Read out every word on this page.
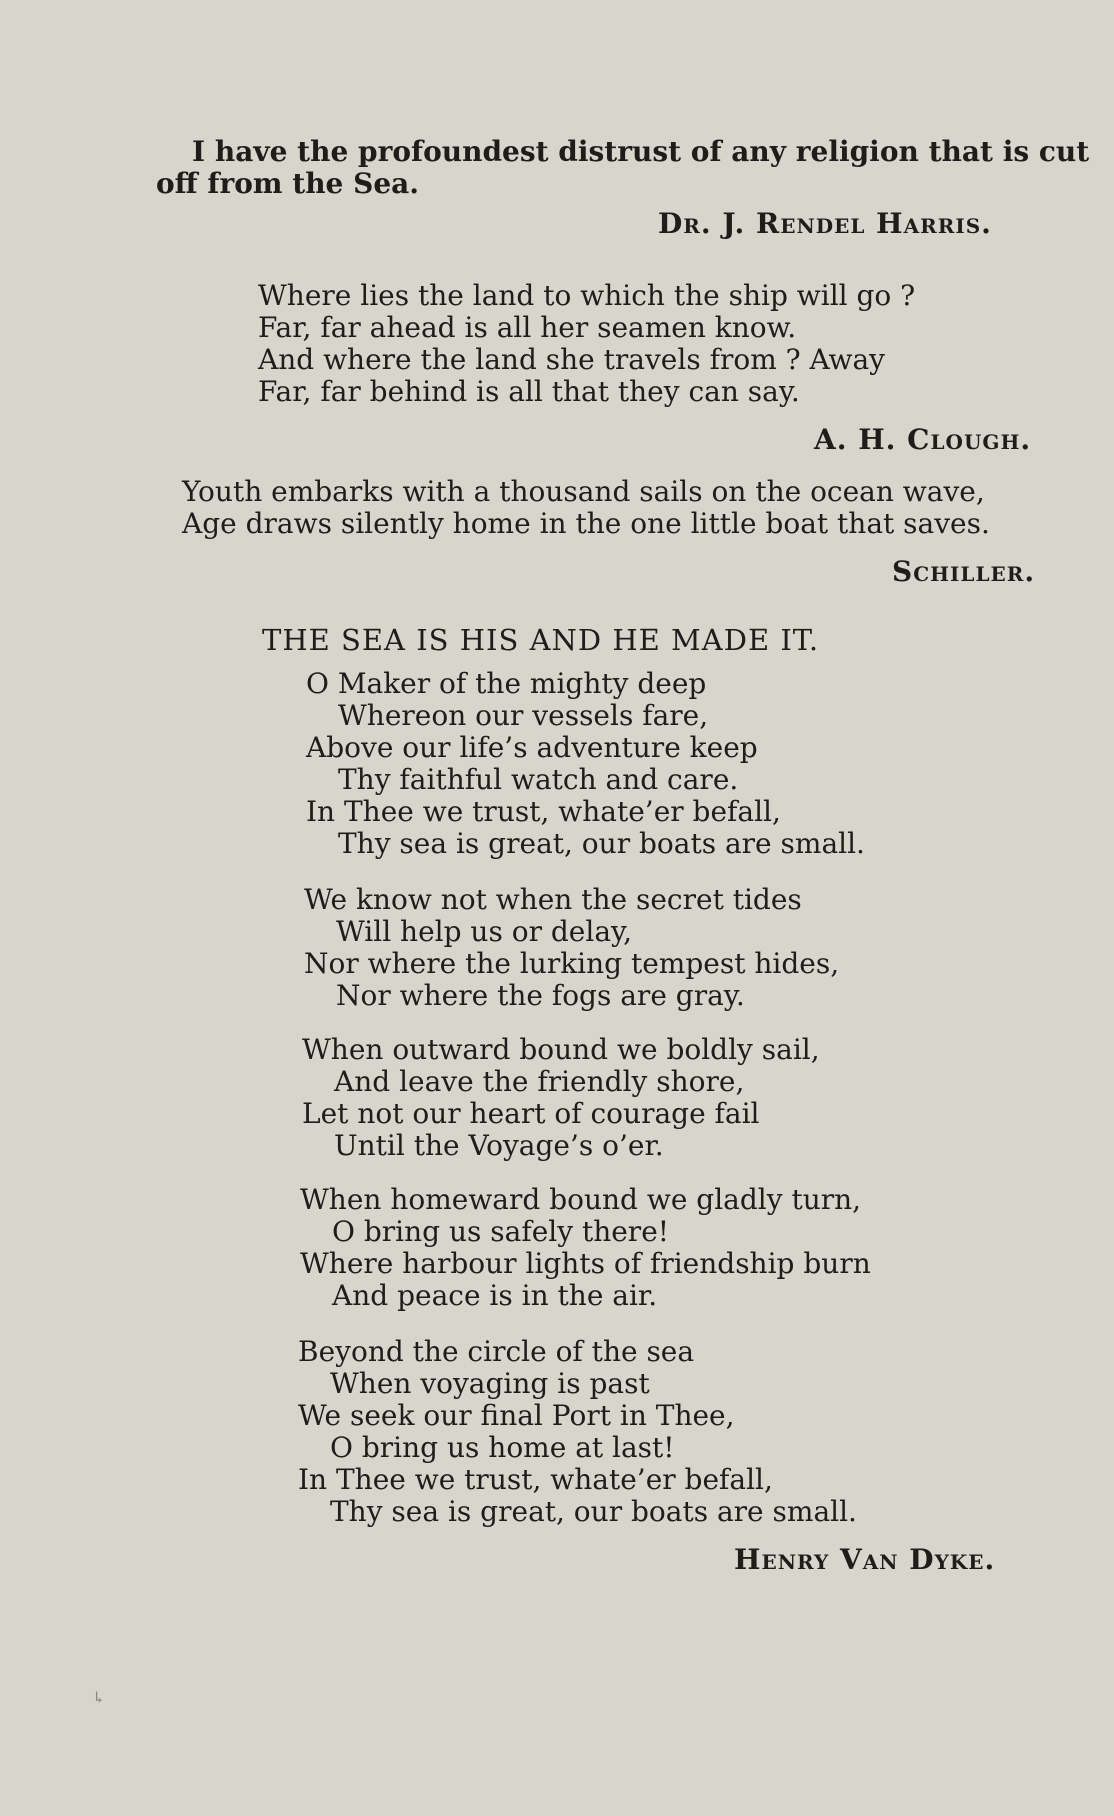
I have the profoundest distrust of any religion that is cut
off from the Sea.
Dr. J. Rendel Harris.
Where lies the land to which the ship will go ?
Far, far ahead is all her seamen know.
And where the land she travels from ? Away
Far, far behind is all that they can say.
A. H. Clough.
Youth embarks with a thousand sails on the ocean wave,
Age draws silently home in the one little boat that saves.
Schiller.
THE SEA IS HIS AND HE MADE IT.
O Maker of the mighty deep
Whereon our vessels fare,
Above our life’s adventure keep
Thy faithful watch and care.
In Thee we trust, whate’er befall,
Thy sea is great, our boats are small.
We know not when the secret tides
Will help us or delay,
Nor where the lurking tempest hides,
Nor where the fogs are gray.
When outward bound we boldly sail,
And leave the friendly shore,
Let not our heart of courage fail
Until the Voyage’s o’er.
When homeward bound we gladly turn,
O bring us safely there!
Where harbour lights of friendship burn
And peace is in the air.
Beyond the circle of the sea
When voyaging is past
We seek our final Port in Thee,
O bring us home at last!
In Thee we trust, whate’er befall,
Thy sea is great, our boats are small.
Henry Van Dyke.
↳
